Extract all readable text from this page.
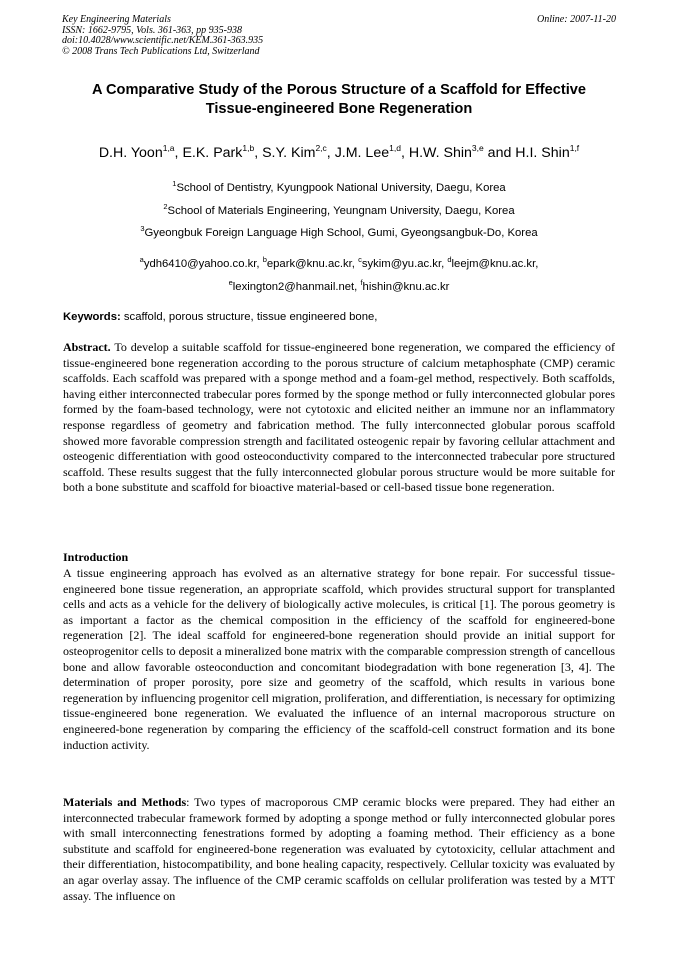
Key Engineering Materials
ISSN: 1662-9795, Vols. 361-363, pp 935-938
doi:10.4028/www.scientific.net/KEM.361-363.935
© 2008 Trans Tech Publications Ltd, Switzerland
Online: 2007-11-20
A Comparative Study of the Porous Structure of a Scaffold for Effective
Tissue-engineered Bone Regeneration
D.H. Yoon$^{1,a}$, E.K. Park$^{1,b}$, S.Y. Kim$^{2,c}$, J.M. Lee$^{1,d}$, H.W. Shin$^{3,e}$ and H.I. Shin$^{1,f}$
$^1$School of Dentistry, Kyungpook National University, Daegu, Korea
$^2$School of Materials Engineering, Yeungnam University, Daegu, Korea
$^3$Gyeongbuk Foreign Language High School, Gumi, Gyeongsangbuk-Do, Korea
$^a$ydh6410@yahoo.co.kr, $^b$epark@knu.ac.kr, $^c$sykim@yu.ac.kr, $^d$leejm@knu.ac.kr,
$^e$lexington2@hanmail.net, $^f$hishin@knu.ac.kr
Keywords: scaffold, porous structure, tissue engineered bone,
Abstract. To develop a suitable scaffold for tissue-engineered bone regeneration, we compared the efficiency of tissue-engineered bone regeneration according to the porous structure of calcium metaphosphate (CMP) ceramic scaffolds. Each scaffold was prepared with a sponge method and a foam-gel method, respectively. Both scaffolds, having either interconnected trabecular pores formed by the sponge method or fully interconnected globular pores formed by the foam-based technology, were not cytotoxic and elicited neither an immune nor an inflammatory response regardless of geometry and fabrication method. The fully interconnected globular porous scaffold showed more favorable compression strength and facilitated osteogenic repair by favoring cellular attachment and osteogenic differentiation with good osteoconductivity compared to the interconnected trabecular pore structured scaffold. These results suggest that the fully interconnected globular porous structure would be more suitable for both a bone substitute and scaffold for bioactive material-based or cell-based tissue bone regeneration.
Introduction
A tissue engineering approach has evolved as an alternative strategy for bone repair. For successful tissue-engineered bone tissue regeneration, an appropriate scaffold, which provides structural support for transplanted cells and acts as a vehicle for the delivery of biologically active molecules, is critical [1]. The porous geometry is as important a factor as the chemical composition in the efficiency of the scaffold for engineered-bone regeneration [2]. The ideal scaffold for engineered-bone regeneration should provide an initial support for osteoprogenitor cells to deposit a mineralized bone matrix with the comparable compression strength of cancellous bone and allow favorable osteoconduction and concomitant biodegradation with bone regeneration [3, 4]. The determination of proper porosity, pore size and geometry of the scaffold, which results in various bone regeneration by influencing progenitor cell migration, proliferation, and differentiation, is necessary for optimizing tissue-engineered bone regeneration. We evaluated the influence of an internal macroporous structure on engineered-bone regeneration by comparing the efficiency of the scaffold-cell construct formation and its bone induction activity.
Materials and Methods: Two types of macroporous CMP ceramic blocks were prepared. They had either an interconnected trabecular framework formed by adopting a sponge method or fully interconnected globular pores with small interconnecting fenestrations formed by adopting a foaming method. Their efficiency as a bone substitute and scaffold for engineered-bone regeneration was evaluated by cytotoxicity, cellular attachment and their differentiation, histocompatibility, and bone healing capacity, respectively. Cellular toxicity was evaluated by an agar overlay assay. The influence of the CMP ceramic scaffolds on cellular proliferation was tested by a MTT assay. The influence on
